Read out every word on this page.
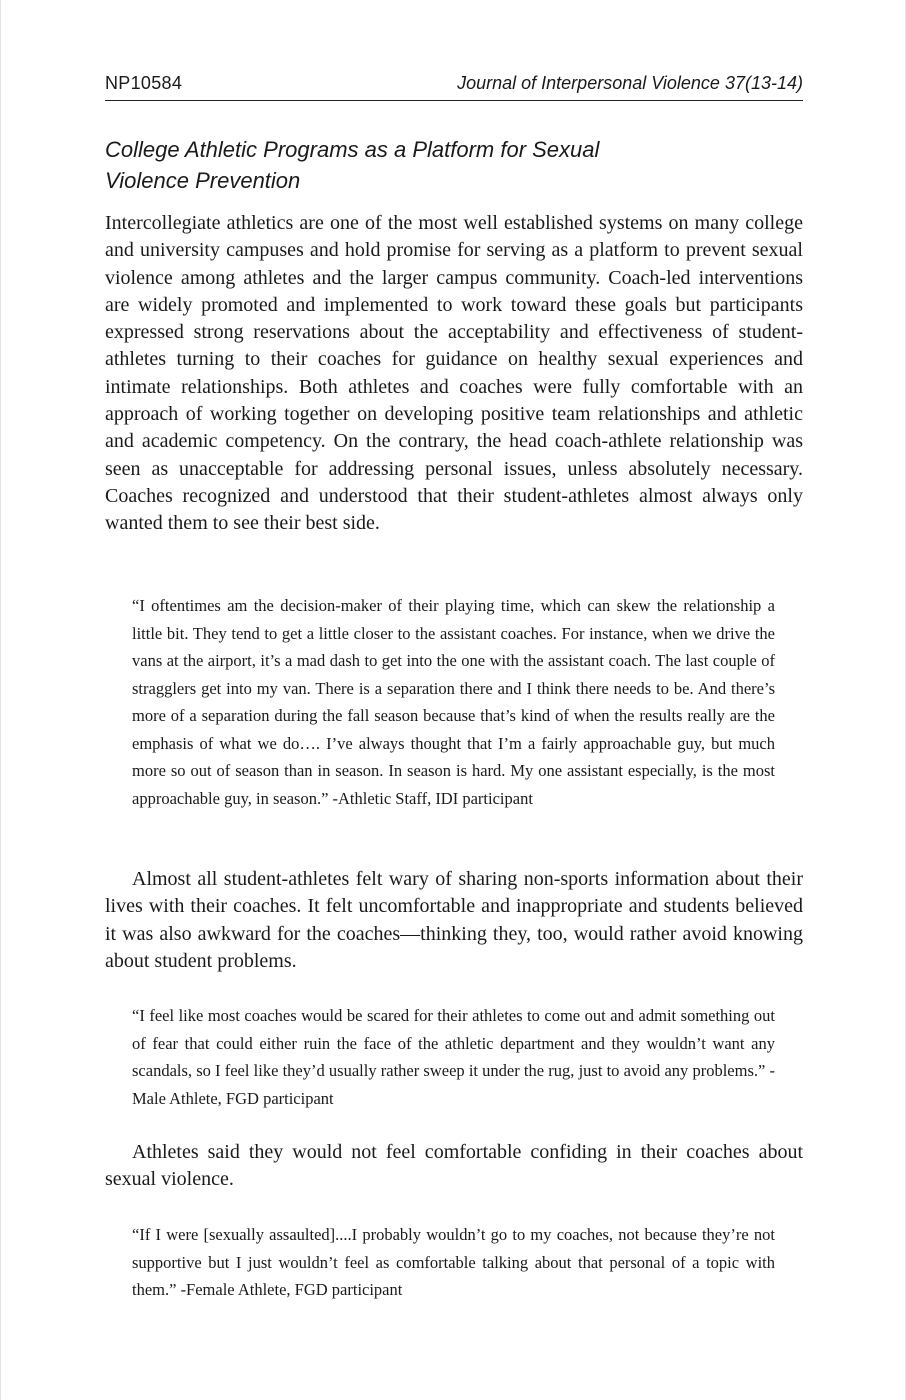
NP10584	Journal of Interpersonal Violence 37(13-14)
College Athletic Programs as a Platform for Sexual Violence Prevention

Intercollegiate athletics are one of the most well established systems on many college and university campuses and hold promise for serving as a platform to prevent sexual violence among athletes and the larger campus community. Coach-led interventions are widely promoted and implemented to work toward these goals but participants expressed strong reservations about the acceptability and effectiveness of student-athletes turning to their coaches for guidance on healthy sexual experiences and intimate relationships. Both athletes and coaches were fully comfortable with an approach of working together on developing positive team relationships and athletic and academic competency. On the contrary, the head coach-athlete relationship was seen as unacceptable for addressing personal issues, unless absolutely necessary. Coaches recognized and understood that their student-athletes almost always only wanted them to see their best side.

“I oftentimes am the decision-maker of their playing time, which can skew the relationship a little bit. They tend to get a little closer to the assistant coaches. For instance, when we drive the vans at the airport, it’s a mad dash to get into the one with the assistant coach. The last couple of stragglers get into my van. There is a separation there and I think there needs to be. And there’s more of a separation during the fall season because that’s kind of when the results really are the emphasis of what we do…. I’ve always thought that I’m a fairly approachable guy, but much more so out of season than in season. In season is hard. My one assistant especially, is the most approachable guy, in season.” -Athletic Staff, IDI participant

Almost all student-athletes felt wary of sharing non-sports information about their lives with their coaches. It felt uncomfortable and inappropriate and students believed it was also awkward for the coaches—thinking they, too, would rather avoid knowing about student problems.

“I feel like most coaches would be scared for their athletes to come out and admit something out of fear that could either ruin the face of the athletic department and they wouldn’t want any scandals, so I feel like they’d usually rather sweep it under the rug, just to avoid any problems.” -Male Athlete, FGD participant

Athletes said they would not feel comfortable confiding in their coaches about sexual violence.

“If I were [sexually assaulted]....I probably wouldn’t go to my coaches, not because they’re not supportive but I just wouldn’t feel as comfortable talking about that personal of a topic with them.” -Female Athlete, FGD participant
